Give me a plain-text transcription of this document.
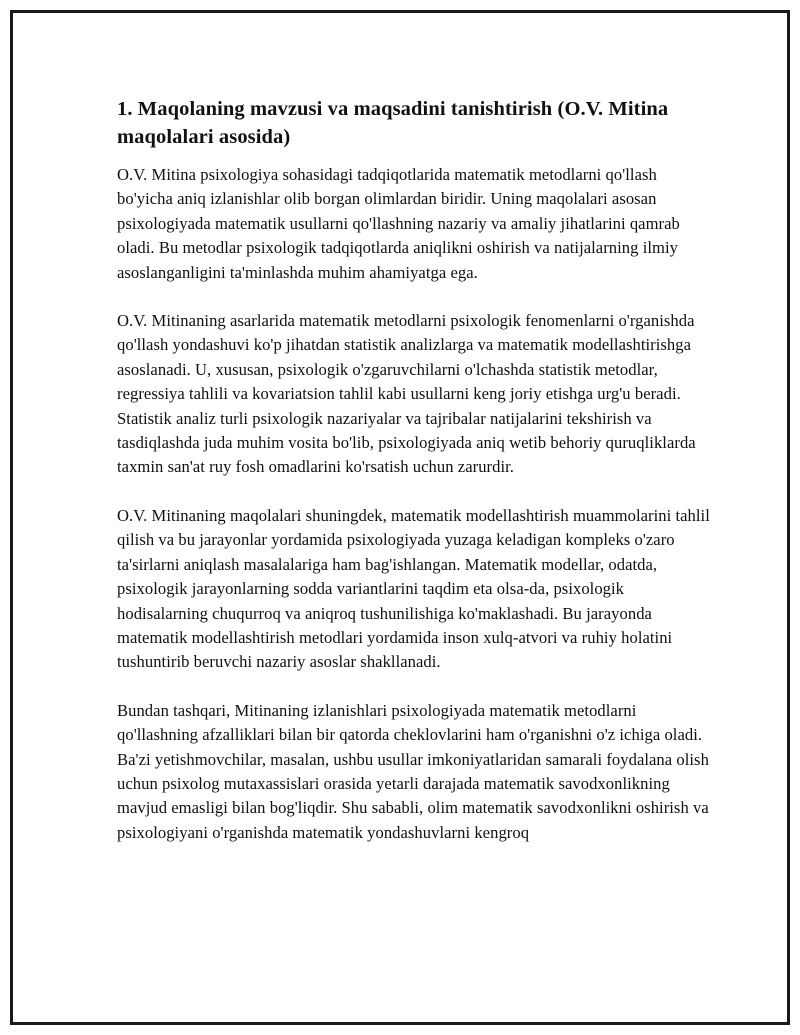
1. Maqolaning mavzusi va maqsadini tanishtirish (O.V. Mitina maqolalari asosida)

O.V. Mitina psixologiya sohasidagi tadqiqotlarida matematik metodlarni qo'llash bo'yicha aniq izlanishlar olib borgan olimlardan biridir. Uning maqolalari asosan psixologiyada matematik usullarni qo'llashning nazariy va amaliy jihatlarini qamrab oladi. Bu metodlar psixologik tadqiqotlarda aniqlikni oshirish va natijalarning ilmiy asoslanganligini ta'minlashda muhim ahamiyatga ega.

O.V. Mitinaning asarlarida matematik metodlarni psixologik fenomenlarni o'rganishda qo'llash yondashuvi ko'p jihatdan statistik analizlarga va matematik modellashtirishga asoslanadi. U, xususan, psixologik o'zgaruvchilarni o'lchashda statistik metodlar, regressiya tahlili va kovariatsion tahlil kabi usullarni keng joriy etishga urg'u beradi. Statistik analiz turli psixologik nazariyalar va tajribalar natijalarini tekshirish va tasdiqlashda juda muhim vosita bo'lib, psixologiyada aniq wetib behoriy quruqliklarda taxmin san'at ruy fosh omadlarini ko'rsatish uchun zarurdir.

O.V. Mitinaning maqolalari shuningdek, matematik modellashtirish muammolarini tahlil qilish va bu jarayonlar yordamida psixologiyada yuzaga keladigan kompleks o'zaro ta'sirlarni aniqlash masalalariga ham bag'ishlangan. Matematik modellar, odatda, psixologik jarayonlarning sodda variantlarini taqdim eta olsa-da, psixologik hodisalarning chuqurroq va aniqroq tushunilishiga ko'maklashadi. Bu jarayonda matematik modellashtirish metodlari yordamida inson xulq-atvori va ruhiy holatini tushuntirib beruvchi nazariy asoslar shakllanadi.

Bundan tashqari, Mitinaning izlanishlari psixologiyada matematik metodlarni qo'llashning afzalliklari bilan bir qatorda cheklovlarini ham o'rganishni o'z ichiga oladi. Ba'zi yetishmovchilar, masalan, ushbu usullar imkoniyatlaridan samarali foydalana olish uchun psixolog mutaxassislari orasida yetarli darajada matematik savodxonlikning mavjud emasligi bilan bog'liqdir. Shu sababli, olim matematik savodxonlikni oshirish va psixologiyani o'rganishda matematik yondashuvlarni kengroq
